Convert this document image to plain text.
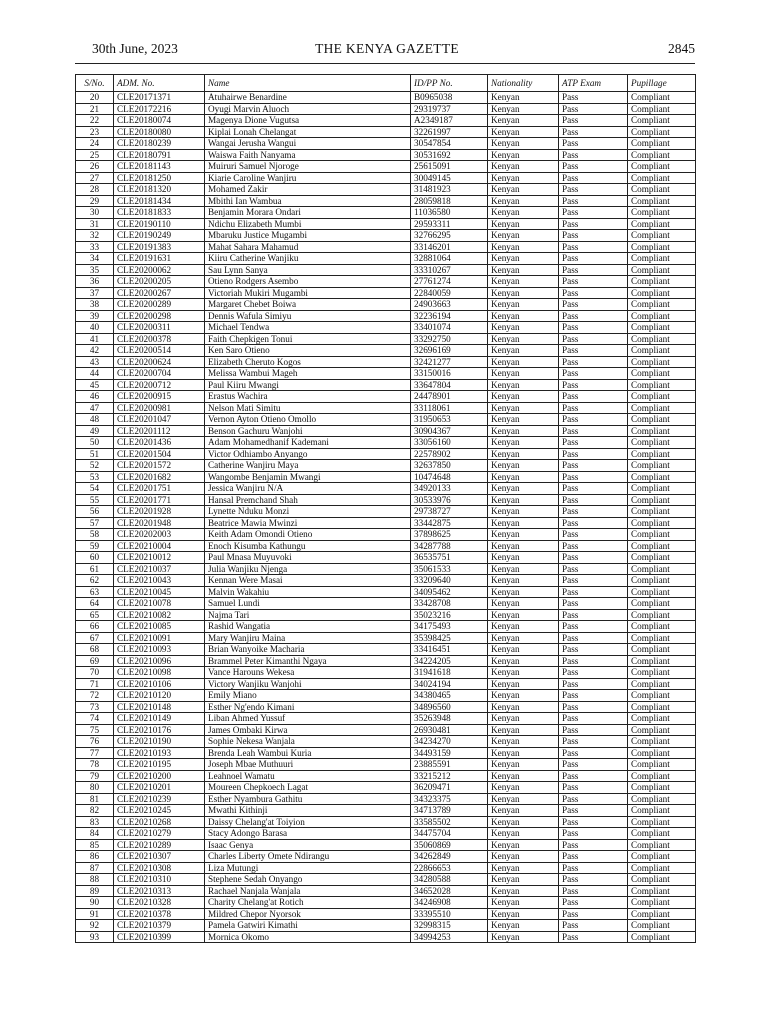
30th June, 2023	THE KENYA GAZETTE	2845
S/No.	ADM. No.	Name	ID/PP No.	Nationality	ATP Exam	Pupillage
20	CLE20171371	Atuhairwe Benardine	B0965038	Kenyan	Pass	Compliant
21	CLE20172216	Oyugi Marvin Aluoch	29319737	Kenyan	Pass	Compliant
22	CLE20180074	Magenya Dione Vugutsa	A2349187	Kenyan	Pass	Compliant
23	CLE20180080	Kiplai Lonah Chelangat	32261997	Kenyan	Pass	Compliant
24	CLE20180239	Wangai Jerusha Wangui	30547854	Kenyan	Pass	Compliant
25	CLE20180791	Waiswa Faith Nanyama	30531692	Kenyan	Pass	Compliant
26	CLE20181143	Muiruri Samuel Njoroge	25615091	Kenyan	Pass	Compliant
27	CLE20181250	Kiarie Caroline Wanjiru	30049145	Kenyan	Pass	Compliant
28	CLE20181320	Mohamed Zakir	31481923	Kenyan	Pass	Compliant
29	CLE20181434	Mbithi Ian Wambua	28059818	Kenyan	Pass	Compliant
30	CLE20181833	Benjamin Morara Ondari	11036580	Kenyan	Pass	Compliant
31	CLE20190110	Ndichu Elizabeth Mumbi	29593311	Kenyan	Pass	Compliant
32	CLE20190249	Mbaruku Justice Mugambi	32766295	Kenyan	Pass	Compliant
33	CLE20191383	Mahat Sahara Mahamud	33146201	Kenyan	Pass	Compliant
34	CLE20191631	Kiiru Catherine Wanjiku	32881064	Kenyan	Pass	Compliant
35	CLE20200062	Sau Lynn Sanya	33310267	Kenyan	Pass	Compliant
36	CLE20200205	Otieno Rodgers Asembo	27761274	Kenyan	Pass	Compliant
37	CLE20200267	Victoriah Mukiri Mugambi	22840059	Kenyan	Pass	Compliant
38	CLE20200289	Margaret Chebet Boiwa	24903663	Kenyan	Pass	Compliant
39	CLE20200298	Dennis Wafula Simiyu	32236194	Kenyan	Pass	Compliant
40	CLE20200311	Michael Tendwa	33401074	Kenyan	Pass	Compliant
41	CLE20200378	Faith Chepkigen Tonui	33292750	Kenyan	Pass	Compliant
42	CLE20200514	Ken Saro Otieno	32696169	Kenyan	Pass	Compliant
43	CLE20200624	Elizabeth Cheruto Kogos	32421277	Kenyan	Pass	Compliant
44	CLE20200704	Melissa Wambui Mageh	33150016	Kenyan	Pass	Compliant
45	CLE20200712	Paul Kiiru Mwangi	33647804	Kenyan	Pass	Compliant
46	CLE20200915	Erastus Wachira	24478901	Kenyan	Pass	Compliant
47	CLE20200981	Nelson Mati Simitu	33118061	Kenyan	Pass	Compliant
48	CLE20201047	Vernon Ayton Otieno Omollo	31950653	Kenyan	Pass	Compliant
49	CLE20201112	Benson Gachuru Wanjohi	30904367	Kenyan	Pass	Compliant
50	CLE20201436	Adam Mohamedhanif Kademani	33056160	Kenyan	Pass	Compliant
51	CLE20201504	Victor Odhiambo Anyango	22578902	Kenyan	Pass	Compliant
52	CLE20201572	Catherine Wanjiru Maya	32637850	Kenyan	Pass	Compliant
53	CLE20201682	Wangombe Benjamin Mwangi	10474648	Kenyan	Pass	Compliant
54	CLE20201751	Jessica Wanjiru N/A	34920133	Kenyan	Pass	Compliant
55	CLE20201771	Hansal Premchand Shah	30533976	Kenyan	Pass	Compliant
56	CLE20201928	Lynette Nduku Monzi	29738727	Kenyan	Pass	Compliant
57	CLE20201948	Beatrice Mawia Mwinzi	33442875	Kenyan	Pass	Compliant
58	CLE20202003	Keith Adam Omondi Otieno	37898625	Kenyan	Pass	Compliant
59	CLE20210004	Enoch Kisumba Kathungu	34287788	Kenyan	Pass	Compliant
60	CLE20210012	Paul Mnasa Muyuvoki	36535751	Kenyan	Pass	Compliant
61	CLE20210037	Julia Wanjiku Njenga	35061533	Kenyan	Pass	Compliant
62	CLE20210043	Kennan Were Masai	33209640	Kenyan	Pass	Compliant
63	CLE20210045	Malvin Wakahiu	34095462	Kenyan	Pass	Compliant
64	CLE20210078	Samuel Lundi	33428708	Kenyan	Pass	Compliant
65	CLE20210082	Najma Tari	35023216	Kenyan	Pass	Compliant
66	CLE20210085	Rashid Wangatia	34175493	Kenyan	Pass	Compliant
67	CLE20210091	Mary Wanjiru Maina	35398425	Kenyan	Pass	Compliant
68	CLE20210093	Brian Wanyoike Macharia	33416451	Kenyan	Pass	Compliant
69	CLE20210096	Brammel Peter Kimanthi Ngaya	34224205	Kenyan	Pass	Compliant
70	CLE20210098	Vance Harouns Wekesa	31941618	Kenyan	Pass	Compliant
71	CLE20210106	Victory Wanjiku Wanjohi	34024194	Kenyan	Pass	Compliant
72	CLE20210120	Emily Miano	34380465	Kenyan	Pass	Compliant
73	CLE20210148	Esther Ng'endo Kimani	34896560	Kenyan	Pass	Compliant
74	CLE20210149	Liban Ahmed Yussuf	35263948	Kenyan	Pass	Compliant
75	CLE20210176	James Ombaki Kirwa	26930481	Kenyan	Pass	Compliant
76	CLE20210190	Sophie Nekesa Wanjala	34234270	Kenyan	Pass	Compliant
77	CLE20210193	Brenda Leah Wambui Kuria	34493159	Kenyan	Pass	Compliant
78	CLE20210195	Joseph Mbae Muthuuri	23885591	Kenyan	Pass	Compliant
79	CLE20210200	Leahnoel Wamatu	33215212	Kenyan	Pass	Compliant
80	CLE20210201	Moureen Chepkoech Lagat	36209471	Kenyan	Pass	Compliant
81	CLE20210239	Esther Nyambura Gathitu	34323375	Kenyan	Pass	Compliant
82	CLE20210245	Mwathi Kithinji	34713789	Kenyan	Pass	Compliant
83	CLE20210268	Daissy Chelang'at Toiyion	33585502	Kenyan	Pass	Compliant
84	CLE20210279	Stacy Adongo Barasa	34475704	Kenyan	Pass	Compliant
85	CLE20210289	Isaac Genya	35060869	Kenyan	Pass	Compliant
86	CLE20210307	Charles Liberty Omete Ndirangu	34262849	Kenyan	Pass	Compliant
87	CLE20210308	Liza Mutungi	22866653	Kenyan	Pass	Compliant
88	CLE20210310	Stephene Sedah Onyango	34280588	Kenyan	Pass	Compliant
89	CLE20210313	Rachael Nanjala Wanjala	34652028	Kenyan	Pass	Compliant
90	CLE20210328	Charity Chelang'at Rotich	34246908	Kenyan	Pass	Compliant
91	CLE20210378	Mildred Chepor Nyorsok	33395510	Kenyan	Pass	Compliant
92	CLE20210379	Pamela Gatwiri Kimathi	32998315	Kenyan	Pass	Compliant
93	CLE20210399	Mornica Okomo	34994253	Kenyan	Pass	Compliant
